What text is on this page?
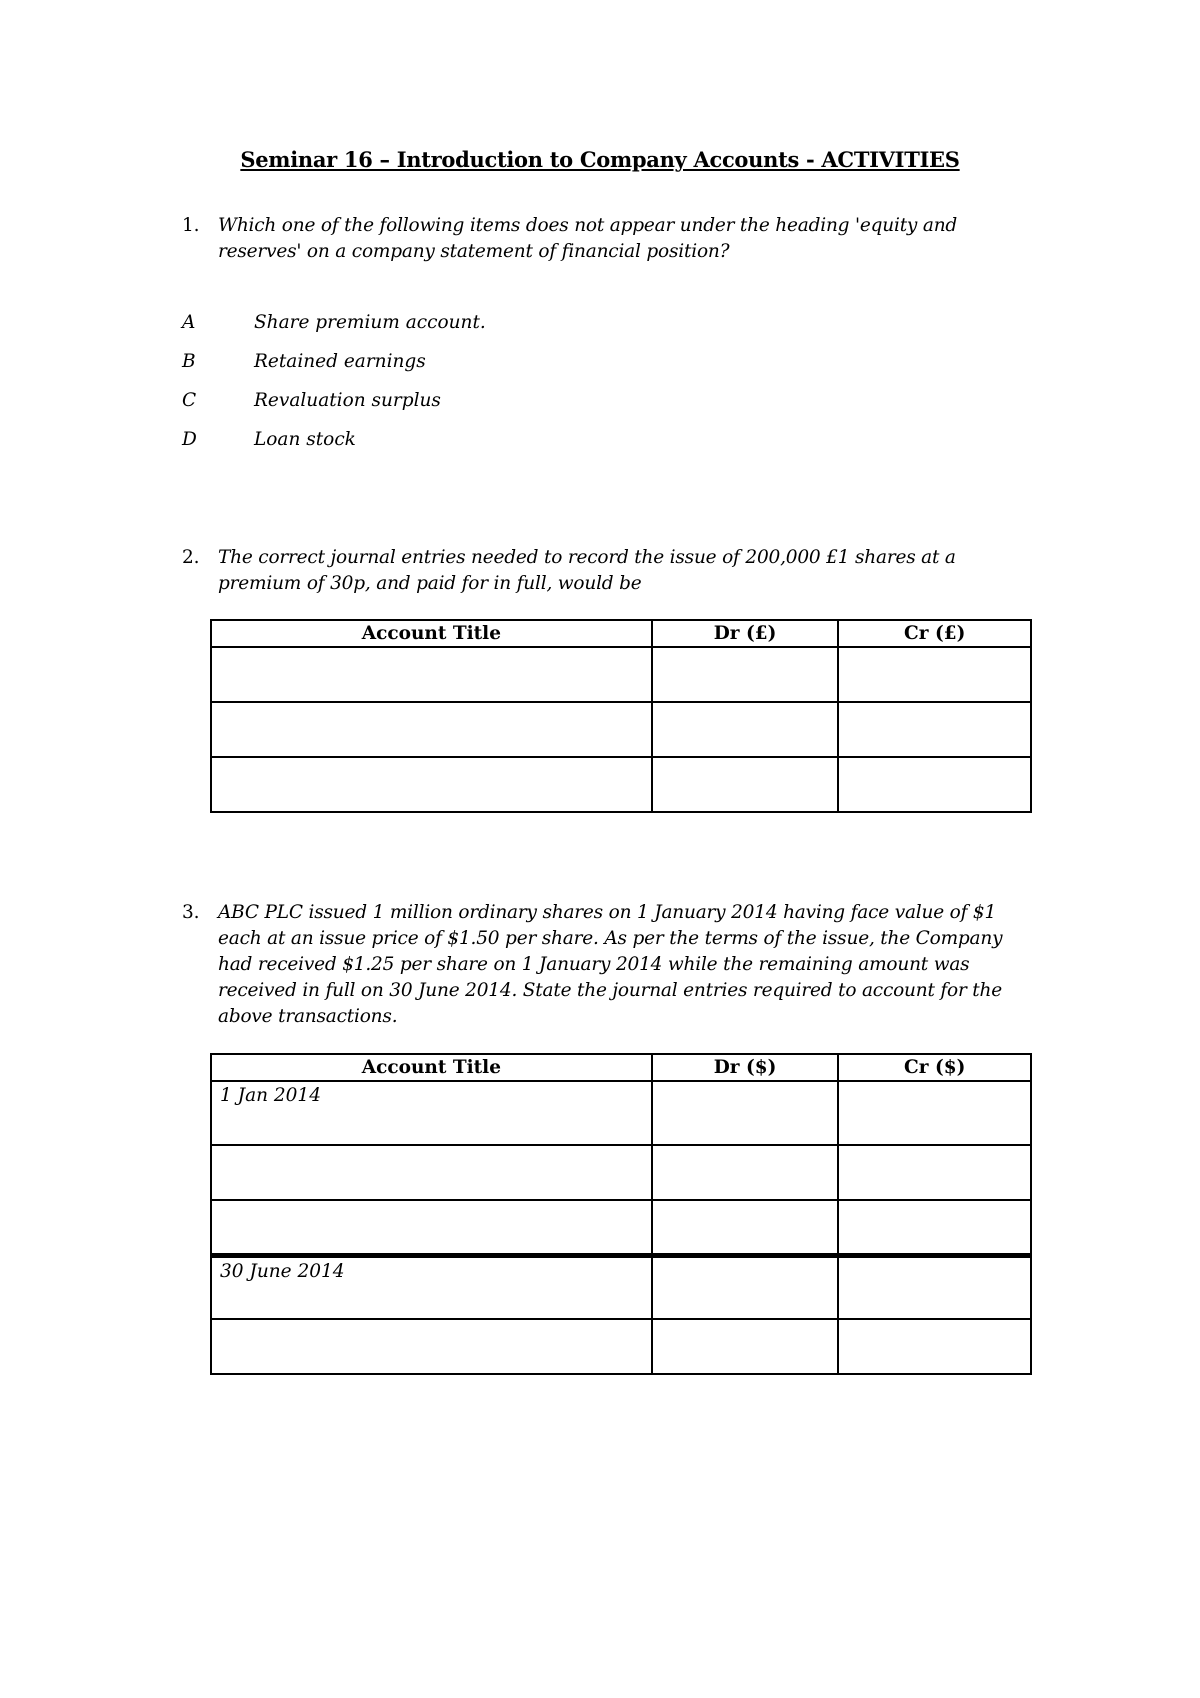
Seminar 16 – Introduction to Company Accounts - ACTIVITIES
1. Which one of the following items does not appear under the heading 'equity and reserves' on a company statement of financial position?
A	Share premium account.
B	Retained earnings
C	Revaluation surplus
D	Loan stock
2. The correct journal entries needed to record the issue of 200,000 £1 shares at a premium of 30p, and paid for in full, would be
Account Title	Dr (£)	Cr (£)

3. ABC PLC issued 1 million ordinary shares on 1 January 2014 having face value of $1 each at an issue price of $1.50 per share. As per the terms of the issue, the Company had received $1.25 per share on 1 January 2014 while the remaining amount was received in full on 30 June 2014. State the journal entries required to account for the above transactions.
Account Title	Dr ($)	Cr ($)
1 Jan 2014		

30 June 2014		
